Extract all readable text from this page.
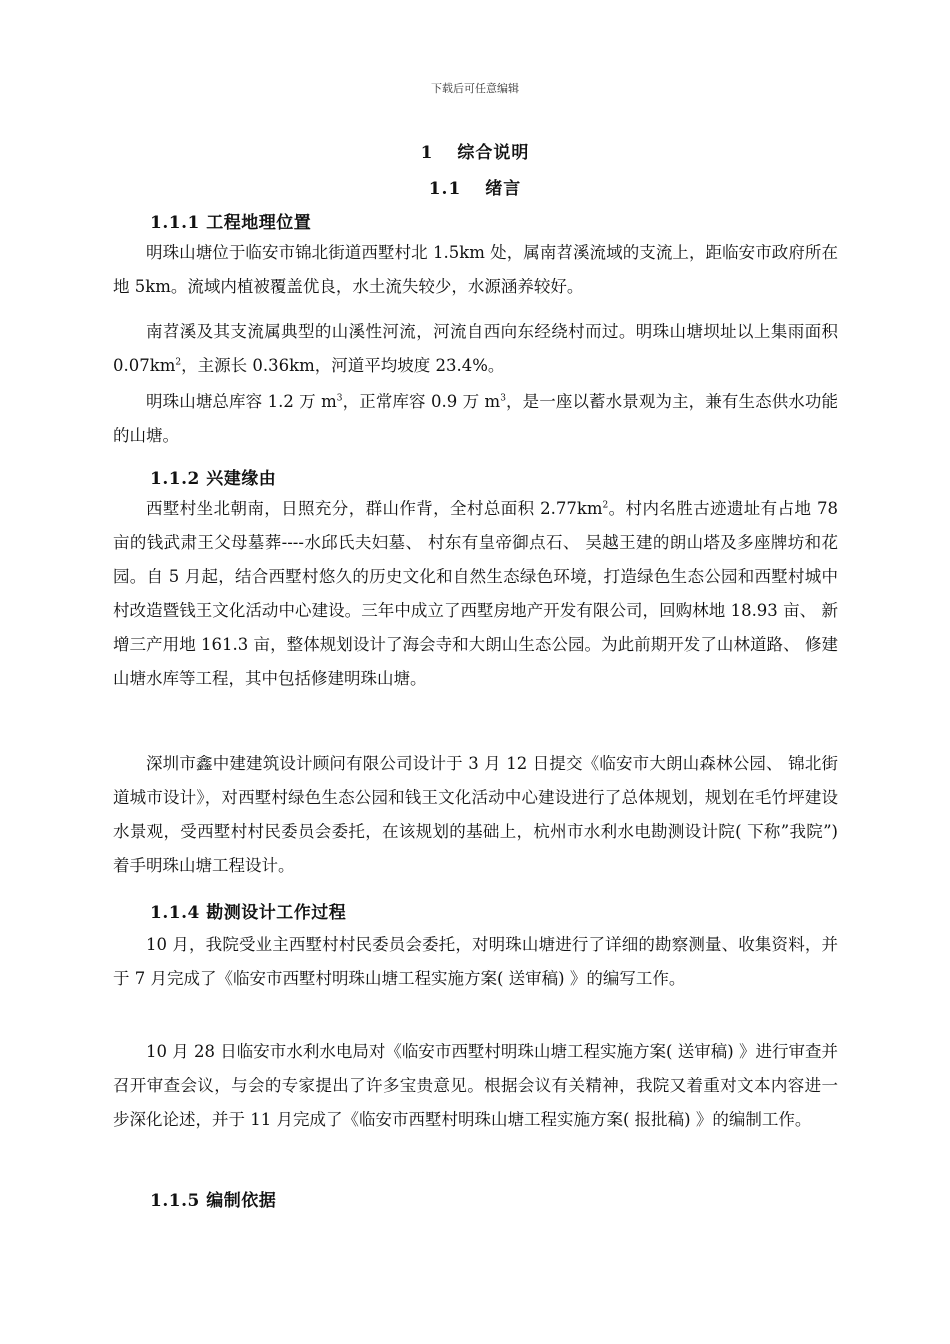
下载后可任意编辑
1 综合说明
1.1 绪言
1.1.1 工程地理位置

明珠山塘位于临安市锦北街道西墅村北 1.5km 处，属南苕溪流域的支流上，距临安市政府所在地 5km。流域内植被覆盖优良，水土流失较少，水源涵养较好。

南苕溪及其支流属典型的山溪性河流，河流自西向东经绕村而过。明珠山塘坝址以上集雨面积 $0.07km^2$，主源长 0.36km，河道平均坡度 23.4%。

明珠山塘总库容 1.2 万 $m^3$，正常库容 0.9 万 $m^3$，是一座以蓄水景观为主，兼有生态供水功能的山塘。

1.1.2 兴建缘由

西墅村坐北朝南，日照充分，群山作背，全村总面积 $2.77km^2$。村内名胜古迹遗址有占地 78 亩的钱武肃王父母墓葬----水邱氏夫妇墓、 村东有皇帝御点石、 吴越王建的朗山塔及多座牌坊和花园。自 5 月起，结合西墅村悠久的历史文化和自然生态绿色环境，打造绿色生态公园和西墅村城中村改造暨钱王文化活动中心建设。三年中成立了西墅房地产开发有限公司，回购林地 18.93 亩、 新增三产用地 161.3 亩，整体规划设计了海会寺和大朗山生态公园。为此前期开发了山林道路、 修建山塘水库等工程，其中包括修建明珠山塘。

深圳市鑫中建建筑设计顾问有限公司设计于 3 月 12 日提交《临安市大朗山森林公园、 锦北街道城市设计》，对西墅村绿色生态公园和钱王文化活动中心建设进行了总体规划，规划在毛竹坪建设水景观，受西墅村村民委员会委托，在该规划的基础上，杭州市水利水电勘测设计院( 下称”我院”) 着手明珠山塘工程设计。

1.1.4 勘测设计工作过程

10 月，我院受业主西墅村村民委员会委托，对明珠山塘进行了详细的勘察测量、收集资料，并于 7 月完成了《临安市西墅村明珠山塘工程实施方案( 送审稿) 》的编写工作。

10 月 28 日临安市水利水电局对《临安市西墅村明珠山塘工程实施方案( 送审稿) 》进行审查并召开审查会议，与会的专家提出了许多宝贵意见。根据会议有关精神，我院又着重对文本内容进一步深化论述，并于 11 月完成了《临安市西墅村明珠山塘工程实施方案( 报批稿) 》的编制工作。

1.1.5 编制依据
